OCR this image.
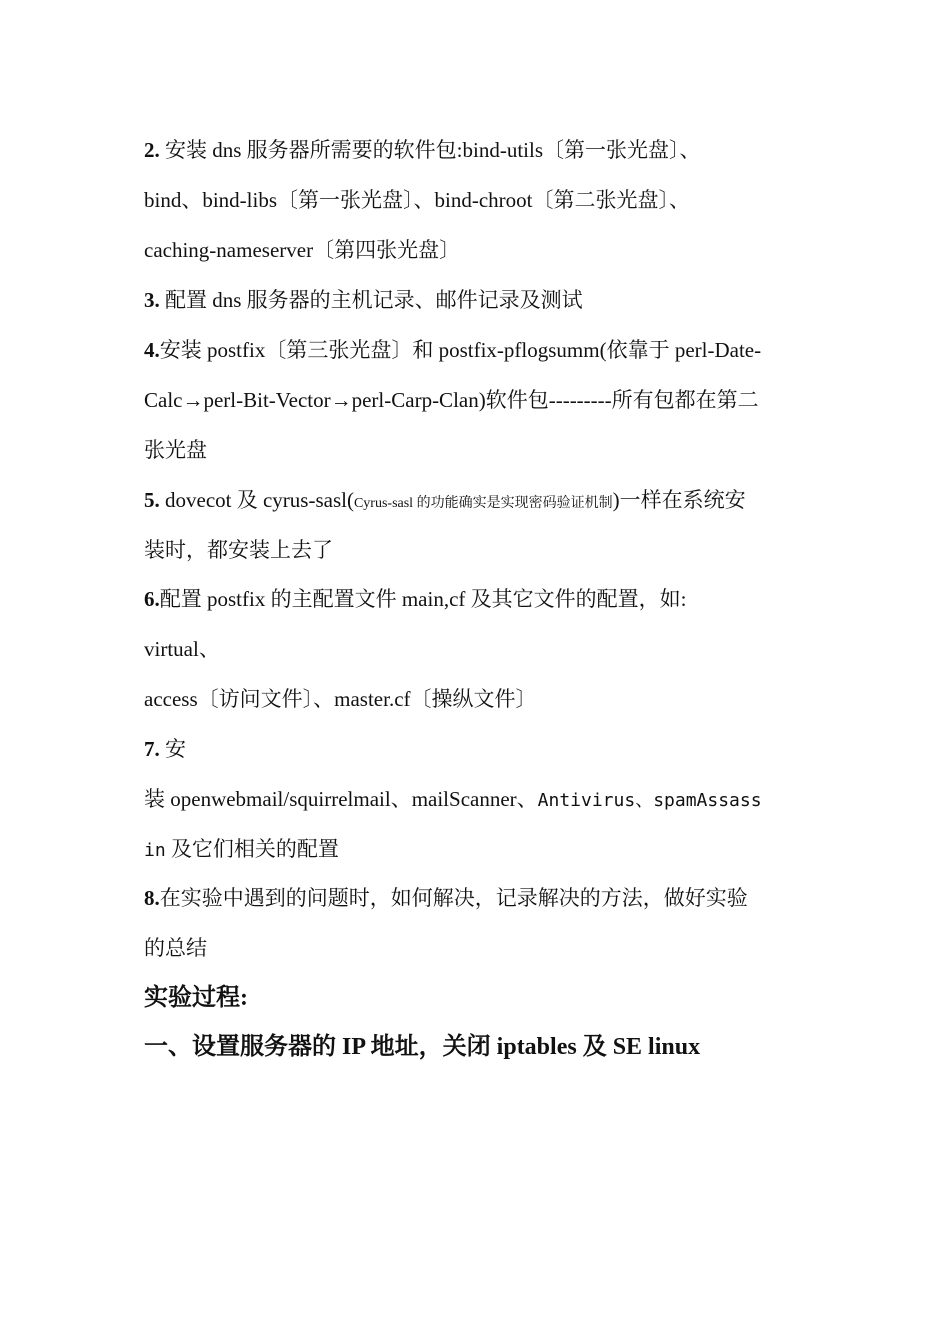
2. 安装 dns 服务器所需要的软件包:bind-utils〔第一张光盘〕、
bind、bind-libs〔第一张光盘〕、bind-chroot〔第二张光盘〕、
caching-nameserver〔第四张光盘〕
3. 配置 dns 服务器的主机记录、邮件记录及测试
4.安装 postfix〔第三张光盘〕和 postfix-pflogsumm(依靠于 perl-Date-
Calc→perl-Bit-Vector→perl-Carp-Clan)软件包---------所有包都在第二
张光盘
5. dovecot 及 cyrus-sasl(Cyrus-sasl 的功能确实是实现密码验证机制)一样在系统安
装时，都安装上去了
6.配置 postfix 的主配置文件 main,cf 及其它文件的配置，如:
virtual、
access〔访问文件〕、master.cf〔操纵文件〕
7. 安
装 openwebmail/squirrelmail、mailScanner、Antivirus、spamAssass
in 及它们相关的配置
8.在实验中遇到的问题时，如何解决，记录解决的方法，做好实验
的总结
实验过程:
一、设置服务器的 IP 地址，关闭 iptables 及 SE linux
